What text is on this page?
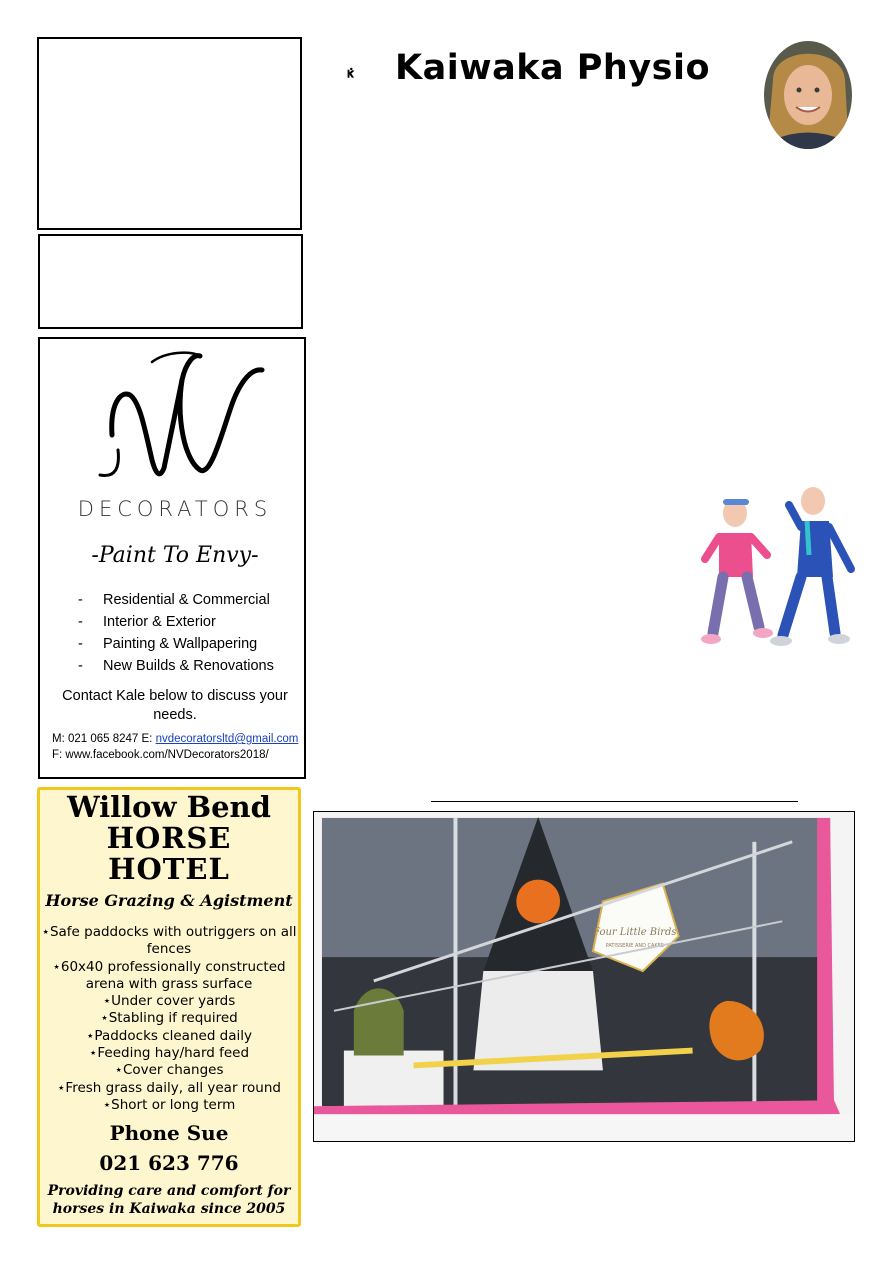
DECORATORS
-Paint To Envy-
- Residential & Commercial
- Interior & Exterior
- Painting & Wallpapering
- New Builds & Renovations
Contact Kale below to discuss your needs.
M: 021 065 8247 E: nvdecoratorsltd@gmail.com
F: www.facebook.com/NVDecorators2018/
Willow Bend
HORSE
HOTEL
Horse Grazing & Agistment
⋆Safe paddocks with outriggers on all fences
⋆60x40 professionally constructed arena with grass surface
⋆Under cover yards
⋆Stabling if required
⋆Paddocks cleaned daily
⋆Feeding hay/hard feed
⋆Cover changes
⋆Fresh grass daily, all year round
⋆Short or long term
Phone Sue
021 623 776
Providing care and comfort for horses in Kaiwaka since 2005
Kaiwaka Physio
Four Little Birds
PATISSERIE AND CAKES
